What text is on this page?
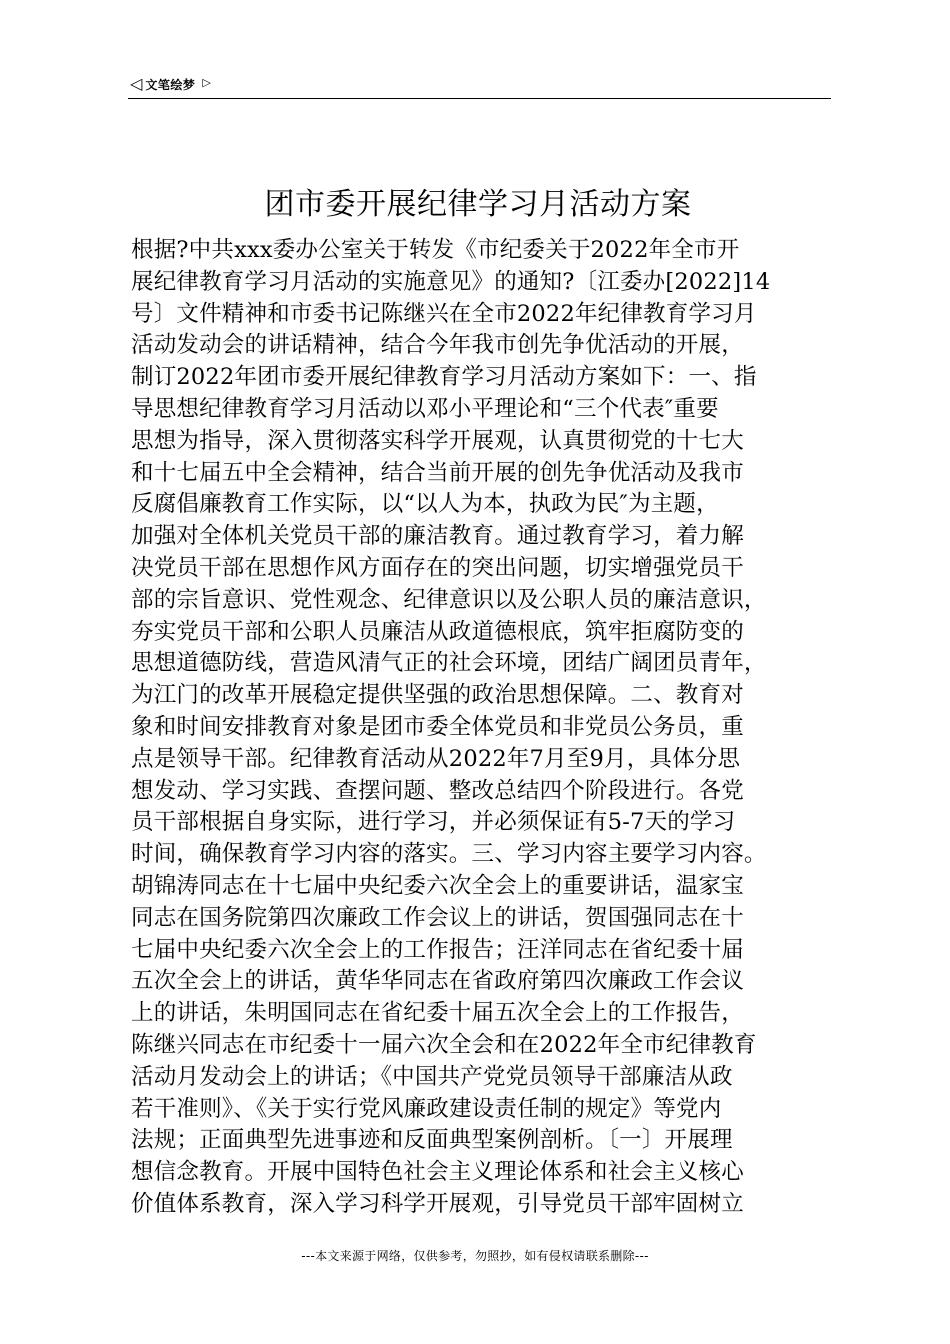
◁ 文笔绘梦 ▷
团市委开展纪律学习月活动方案
根据?中共xxx委办公室关于转发《市纪委关于2022年全市开
展纪律教育学习月活动的实施意见》的通知?〔江委办[2022]14
号〕文件精神和市委书记陈继兴在全市2022年纪律教育学习月
活动发动会的讲话精神，结合今年我市创先争优活动的开展，
制订2022年团市委开展纪律教育学习月活动方案如下：一、指
导思想纪律教育学习月活动以邓小平理论和“三个代表″重要
思想为指导，深入贯彻落实科学开展观，认真贯彻党的十七大
和十七届五中全会精神，结合当前开展的创先争优活动及我市
反腐倡廉教育工作实际，以“以人为本，执政为民″为主题，
加强对全体机关党员干部的廉洁教育。通过教育学习，着力解
决党员干部在思想作风方面存在的突出问题，切实增强党员干
部的宗旨意识、党性观念、纪律意识以及公职人员的廉洁意识，
夯实党员干部和公职人员廉洁从政道德根底，筑牢拒腐防变的
思想道德防线，营造风清气正的社会环境，团结广阔团员青年，
为江门的改革开展稳定提供坚强的政治思想保障。二、教育对
象和时间安排教育对象是团市委全体党员和非党员公务员，重
点是领导干部。纪律教育活动从2022年7月至9月，具体分思
想发动、学习实践、查摆问题、整改总结四个阶段进行。各党
员干部根据自身实际，进行学习，并必须保证有5-7天的学习
时间，确保教育学习内容的落实。三、学习内容主要学习内容。
胡锦涛同志在十七届中央纪委六次全会上的重要讲话，温家宝
同志在国务院第四次廉政工作会议上的讲话，贺国强同志在十
七届中央纪委六次全会上的工作报告；汪洋同志在省纪委十届
五次全会上的讲话，黄华华同志在省政府第四次廉政工作会议
上的讲话，朱明国同志在省纪委十届五次全会上的工作报告，
陈继兴同志在市纪委十一届六次全会和在2022年全市纪律教育
活动月发动会上的讲话；《中国共产党党员领导干部廉洁从政
若干准则》、《关于实行党风廉政建设责任制的规定》等党内
法规；正面典型先进事迹和反面典型案例剖析。〔一〕开展理
想信念教育。开展中国特色社会主义理论体系和社会主义核心
价值体系教育，深入学习科学开展观，引导党员干部牢固树立
---本文来源于网络，仅供参考，勿照抄，如有侵权请联系删除---
